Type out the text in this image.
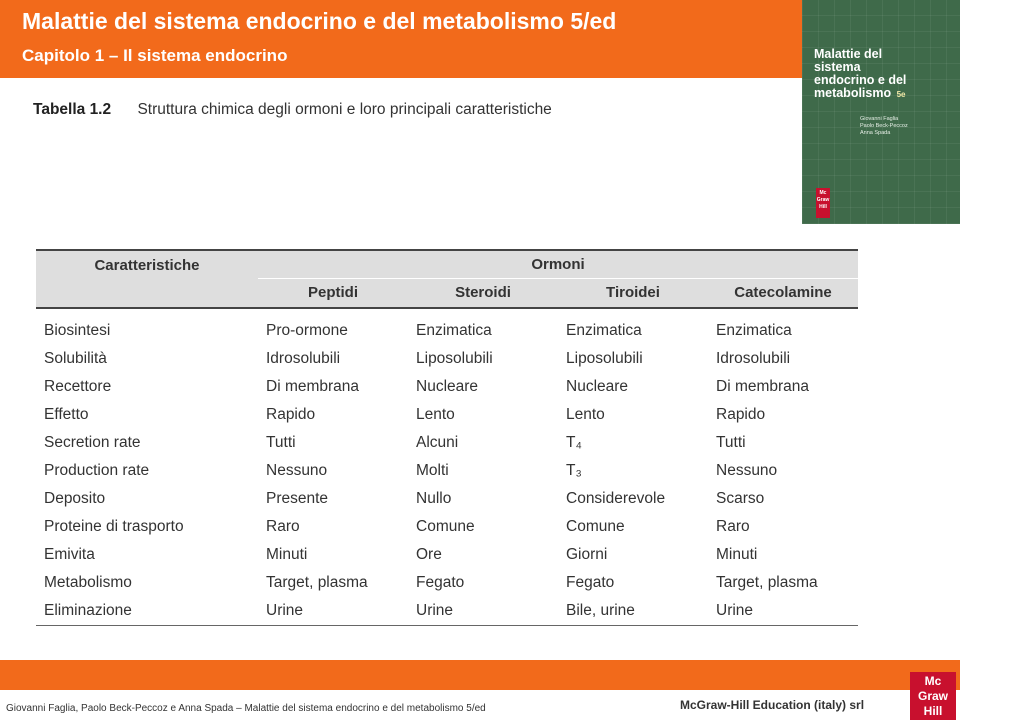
Malattie del sistema endocrino e del metabolismo 5/ed
Capitolo 1 – Il sistema endocrino	Malattie del sistema endocrino e del metabolismo 5e
Giovanni Faglia
Paolo Beck-Peccoz
Anna Spada	manualedi
Mc Graw Hill
Tabella 1.2 Struttura chimica degli ormoni e loro principali caratteristiche
Caratteristiche	Ormoni			
	Peptidi	Steroidi	Tiroidei	Catecolamine
Biosintesi	Pro-ormone	Enzimatica	Enzimatica	Enzimatica
Solubilità	Idrosolubili	Liposolubili	Liposolubili	Idrosolubili
Recettore	Di membrana	Nucleare	Nucleare	Di membrana
Effetto	Rapido	Lento	Lento	Rapido
Secretion rate	Tutti	Alcuni	T₄	Tutti
Production rate	Nessuno	Molti	T₃	Nessuno
Deposito	Presente	Nullo	Considerevole	Scarso
Proteine di trasporto	Raro	Comune	Comune	Raro
Emivita	Minuti	Ore	Giorni	Minuti
Metabolismo	Target, plasma	Fegato	Fegato	Target, plasma
Eliminazione	Urine	Urine	Bile, urine	Urine
Giovanni Faglia, Paolo Beck-Peccoz e Anna Spada – Malattie del sistema endocrino e del metabolismo 5/ed	McGraw-Hill Education (italy) srl
Mc
Graw
Hill
